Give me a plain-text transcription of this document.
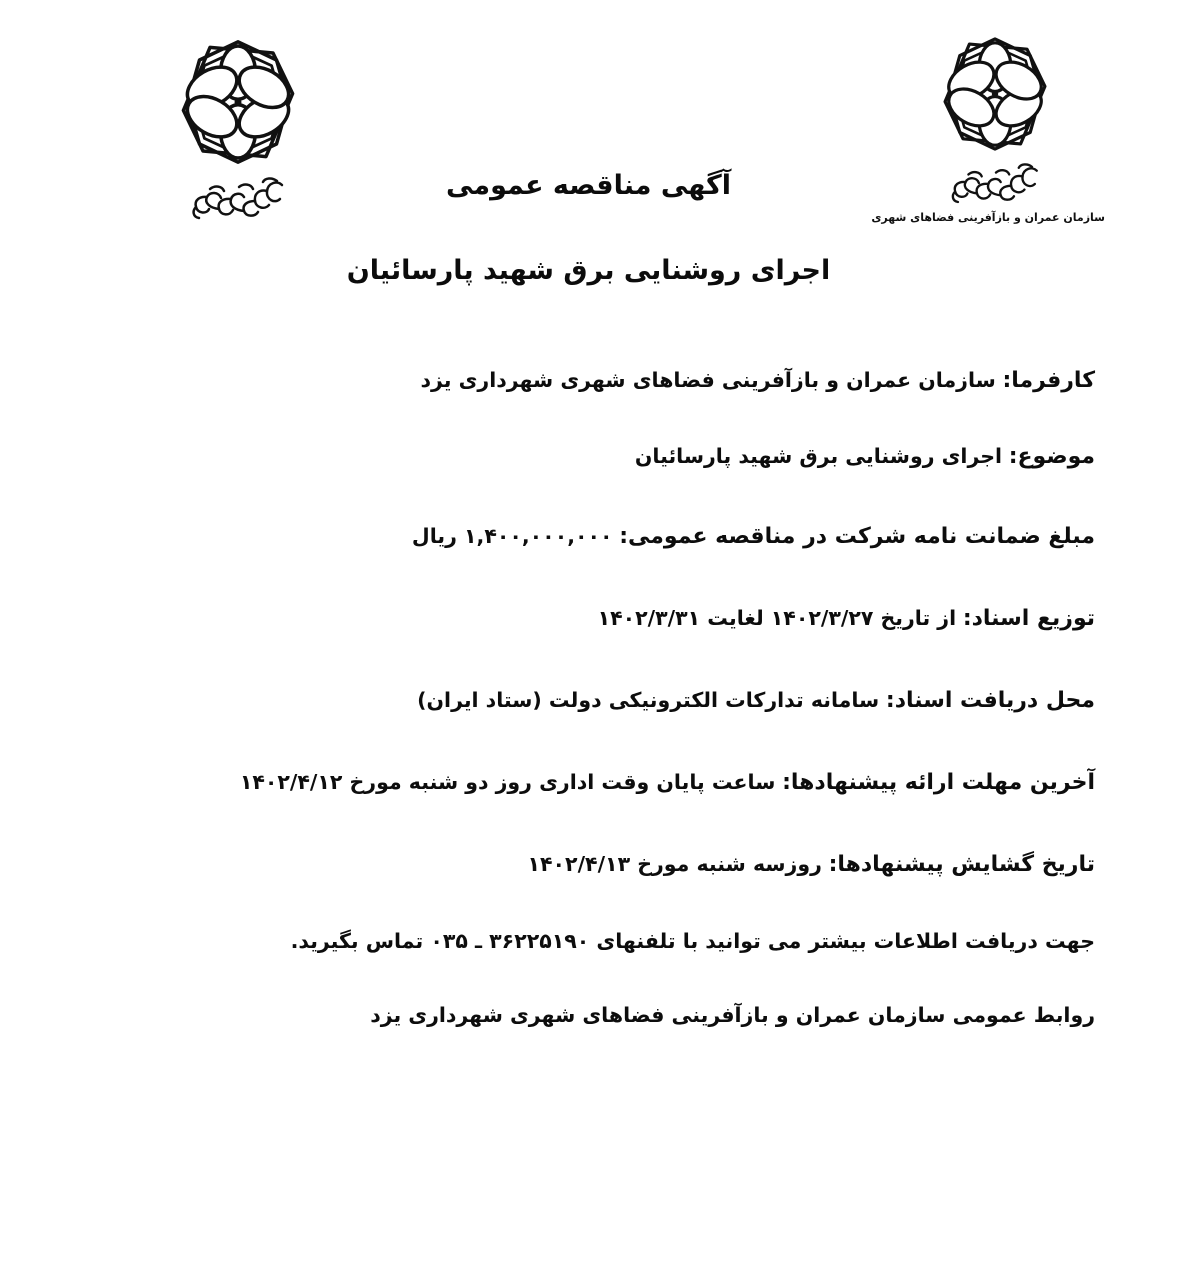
سازمان عمران و بازآفرینی فضاهای شهری
آگهی مناقصه عمومی
اجرای روشنایی برق شهید پارسائیان

کارفرما: سازمان عمران و بازآفرینی فضاهای شهری شهرداری یزد

موضوع: اجرای روشنایی برق شهید پارسائیان

مبلغ ضمانت نامه شرکت در مناقصه عمومی: ۱,۴۰۰,۰۰۰,۰۰۰ ریال

توزیع اسناد: از تاریخ ۱۴۰۲/۳/۲۷ لغایت ۱۴۰۲/۳/۳۱

محل دریافت اسناد: سامانه تدارکات الکترونیکی دولت (ستاد ایران)

آخرین مهلت ارائه پیشنهادها: ساعت پایان وقت اداری روز دو شنبه مورخ ۱۴۰۲/۴/۱۲

تاریخ گشایش پیشنهادها: روزسه شنبه مورخ ۱۴۰۲/۴/۱۳

جهت دریافت اطلاعات بیشتر می توانید با تلفنهای ۳۶۲۲۵۱۹۰ ـ ۰۳۵ تماس بگیرید.

روابط عمومی سازمان عمران و بازآفرینی فضاهای شهری شهرداری یزد
